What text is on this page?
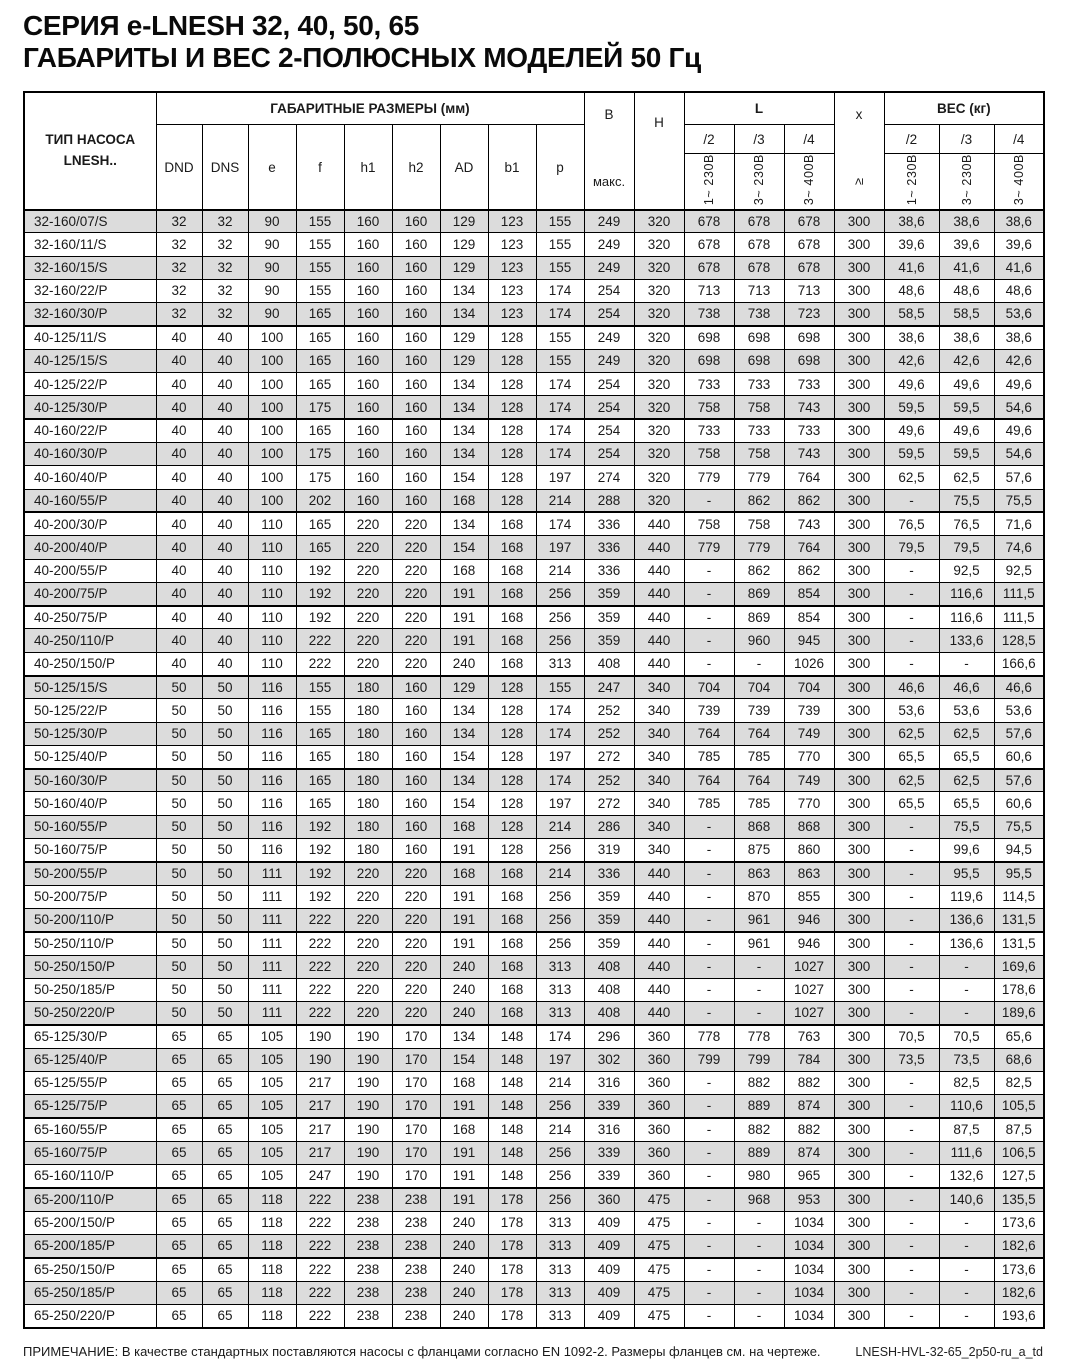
СЕРИЯ e-LNESH 32, 40, 50, 65
ГАБАРИТЫ И ВЕС 2-ПОЛЮСНЫХ МОДЕЛЕЙ 50 Гц
ТИП НАСОСА
LNESH..
	ГАБАРИТНЫЕ РАЗМЕРЫ (мм)	B
макс.
	H	L	x
≥
	ВЕС (кг)
	DND	DNS	e	f	h1	h2	AD	b1	p			/2	/3	/4		/2	/3	/4
												1~ 230В	3~ 230В	3~ 400В		1~ 230В	3~ 230В	3~ 400В
32-160/07/S	32	32	90	155	160	160	129	123	155	249	320	678	678	678	300	38,6	38,6	38,6
32-160/11/S	32	32	90	155	160	160	129	123	155	249	320	678	678	678	300	39,6	39,6	39,6
32-160/15/S	32	32	90	155	160	160	129	123	155	249	320	678	678	678	300	41,6	41,6	41,6
32-160/22/P	32	32	90	155	160	160	134	123	174	254	320	713	713	713	300	48,6	48,6	48,6
32-160/30/P	32	32	90	165	160	160	134	123	174	254	320	738	738	723	300	58,5	58,5	53,6
40-125/11/S	40	40	100	165	160	160	129	128	155	249	320	698	698	698	300	38,6	38,6	38,6
40-125/15/S	40	40	100	165	160	160	129	128	155	249	320	698	698	698	300	42,6	42,6	42,6
40-125/22/P	40	40	100	165	160	160	134	128	174	254	320	733	733	733	300	49,6	49,6	49,6
40-125/30/P	40	40	100	175	160	160	134	128	174	254	320	758	758	743	300	59,5	59,5	54,6
40-160/22/P	40	40	100	165	160	160	134	128	174	254	320	733	733	733	300	49,6	49,6	49,6
40-160/30/P	40	40	100	175	160	160	134	128	174	254	320	758	758	743	300	59,5	59,5	54,6
40-160/40/P	40	40	100	175	160	160	154	128	197	274	320	779	779	764	300	62,5	62,5	57,6
40-160/55/P	40	40	100	202	160	160	168	128	214	288	320	-	862	862	300	-	75,5	75,5
40-200/30/P	40	40	110	165	220	220	134	168	174	336	440	758	758	743	300	76,5	76,5	71,6
40-200/40/P	40	40	110	165	220	220	154	168	197	336	440	779	779	764	300	79,5	79,5	74,6
40-200/55/P	40	40	110	192	220	220	168	168	214	336	440	-	862	862	300	-	92,5	92,5
40-200/75/P	40	40	110	192	220	220	191	168	256	359	440	-	869	854	300	-	116,6	111,5
40-250/75/P	40	40	110	192	220	220	191	168	256	359	440	-	869	854	300	-	116,6	111,5
40-250/110/P	40	40	110	222	220	220	191	168	256	359	440	-	960	945	300	-	133,6	128,5
40-250/150/P	40	40	110	222	220	220	240	168	313	408	440	-	-	1026	300	-	-	166,6
50-125/15/S	50	50	116	155	180	160	129	128	155	247	340	704	704	704	300	46,6	46,6	46,6
50-125/22/P	50	50	116	155	180	160	134	128	174	252	340	739	739	739	300	53,6	53,6	53,6
50-125/30/P	50	50	116	165	180	160	134	128	174	252	340	764	764	749	300	62,5	62,5	57,6
50-125/40/P	50	50	116	165	180	160	154	128	197	272	340	785	785	770	300	65,5	65,5	60,6
50-160/30/P	50	50	116	165	180	160	134	128	174	252	340	764	764	749	300	62,5	62,5	57,6
50-160/40/P	50	50	116	165	180	160	154	128	197	272	340	785	785	770	300	65,5	65,5	60,6
50-160/55/P	50	50	116	192	180	160	168	128	214	286	340	-	868	868	300	-	75,5	75,5
50-160/75/P	50	50	116	192	180	160	191	128	256	319	340	-	875	860	300	-	99,6	94,5
50-200/55/P	50	50	111	192	220	220	168	168	214	336	440	-	863	863	300	-	95,5	95,5
50-200/75/P	50	50	111	192	220	220	191	168	256	359	440	-	870	855	300	-	119,6	114,5
50-200/110/P	50	50	111	222	220	220	191	168	256	359	440	-	961	946	300	-	136,6	131,5
50-250/110/P	50	50	111	222	220	220	191	168	256	359	440	-	961	946	300	-	136,6	131,5
50-250/150/P	50	50	111	222	220	220	240	168	313	408	440	-	-	1027	300	-	-	169,6
50-250/185/P	50	50	111	222	220	220	240	168	313	408	440	-	-	1027	300	-	-	178,6
50-250/220/P	50	50	111	222	220	220	240	168	313	408	440	-	-	1027	300	-	-	189,6
65-125/30/P	65	65	105	190	190	170	134	148	174	296	360	778	778	763	300	70,5	70,5	65,6
65-125/40/P	65	65	105	190	190	170	154	148	197	302	360	799	799	784	300	73,5	73,5	68,6
65-125/55/P	65	65	105	217	190	170	168	148	214	316	360	-	882	882	300	-	82,5	82,5
65-125/75/P	65	65	105	217	190	170	191	148	256	339	360	-	889	874	300	-	110,6	105,5
65-160/55/P	65	65	105	217	190	170	168	148	214	316	360	-	882	882	300	-	87,5	87,5
65-160/75/P	65	65	105	217	190	170	191	148	256	339	360	-	889	874	300	-	111,6	106,5
65-160/110/P	65	65	105	247	190	170	191	148	256	339	360	-	980	965	300	-	132,6	127,5
65-200/110/P	65	65	118	222	238	238	191	178	256	360	475	-	968	953	300	-	140,6	135,5
65-200/150/P	65	65	118	222	238	238	240	178	313	409	475	-	-	1034	300	-	-	173,6
65-200/185/P	65	65	118	222	238	238	240	178	313	409	475	-	-	1034	300	-	-	182,6
65-250/150/P	65	65	118	222	238	238	240	178	313	409	475	-	-	1034	300	-	-	173,6
65-250/185/P	65	65	118	222	238	238	240	178	313	409	475	-	-	1034	300	-	-	182,6
65-250/220/P	65	65	118	222	238	238	240	178	313	409	475	-	-	1034	300	-	-	193,6
ПРИМЕЧАНИЕ: В качестве стандартных поставляются насосы с фланцами согласно EN 1092-2. Размеры фланцев см. на чертеже.	LNESH-HVL-32-65_2p50-ru_a_td
